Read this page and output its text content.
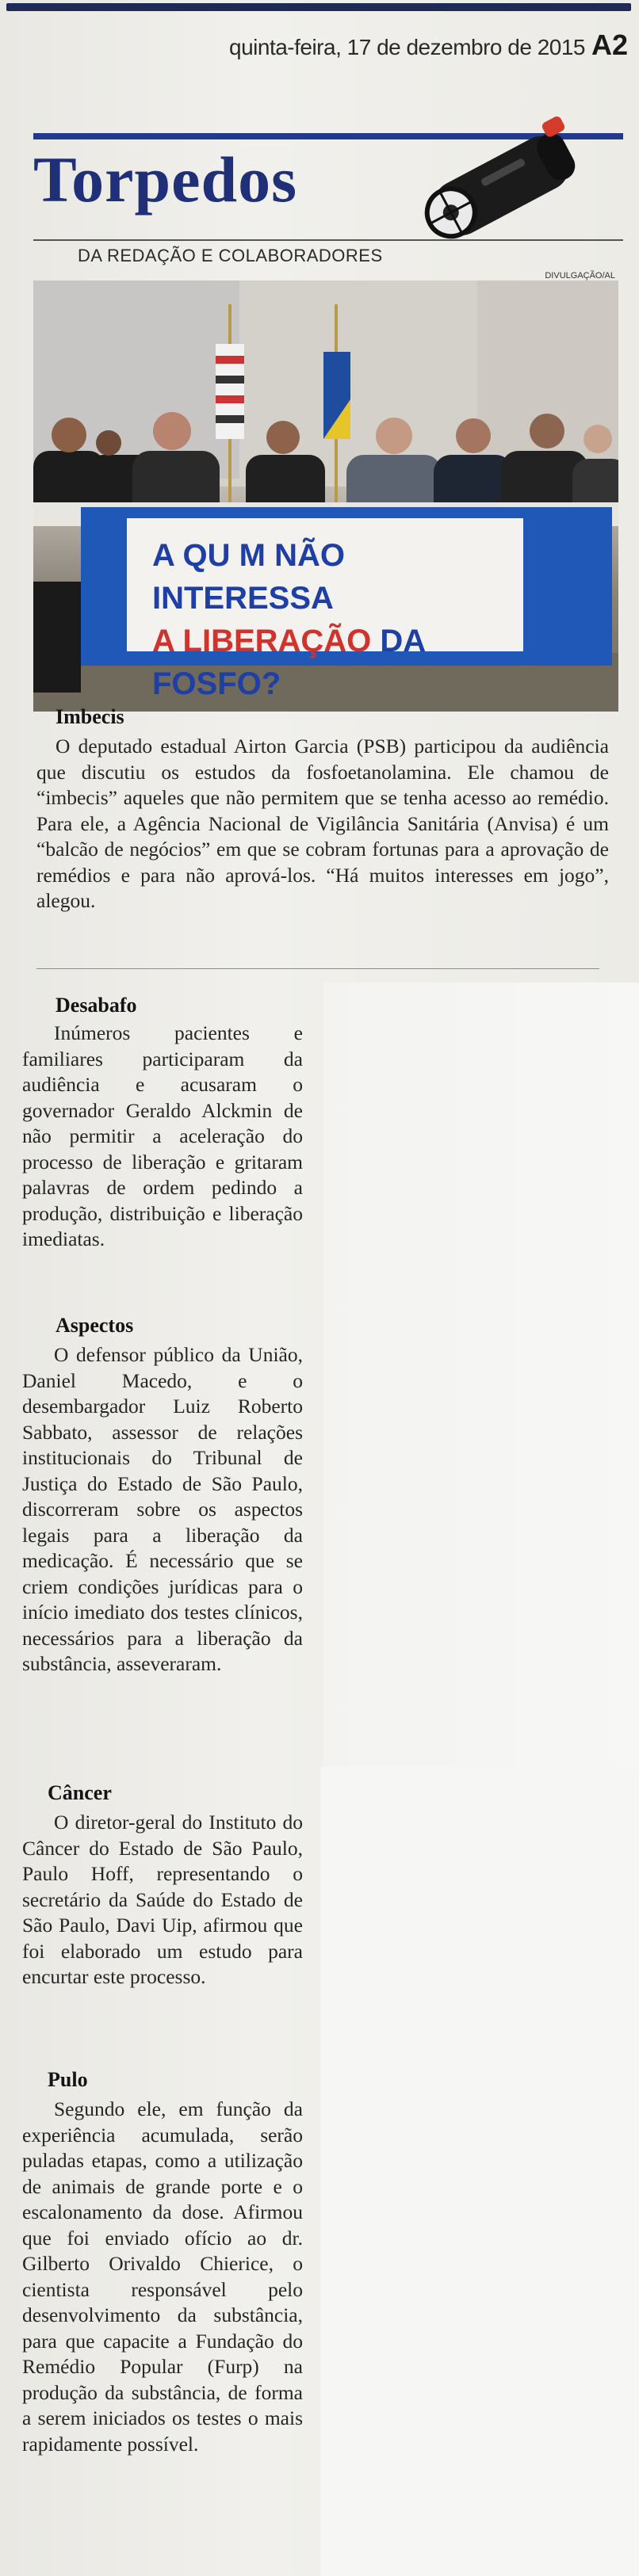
quinta-feira, 17 de dezembro de 2015 A2
Torpedos
DA REDAÇÃO E COLABORADORES
DIVULGAÇÃO/AL
A QU M NÃO INTERESSA
A LIBERAÇÃO DA FOSFO?
Imbecis
O deputado estadual Airton Garcia (PSB) participou da audiência que discutiu os estudos da fosfoetanolamina. Ele chamou de “imbecis” aqueles que não permitem que se tenha acesso ao remédio. Para ele, a Agência Nacional de Vigilância Sanitária (Anvisa) é um “balcão de negócios” em que se cobram fortunas para a aprovação de remédios e para não aprová-los. “Há muitos interesses em jogo”, alegou.
Desabafo
Inúmeros pacientes e familiares participaram da audiência e acusaram o governador Geraldo Alckmin de não permitir a aceleração do processo de liberação e gritaram palavras de ordem pedindo a produção, distribuição e liberação imediatas.
Aspectos
O defensor público da União, Daniel Macedo, e o desembargador Luiz Roberto Sabbato, assessor de relações institucionais do Tribunal de Justiça do Estado de São Paulo, discorreram sobre os aspectos legais para a liberação da medicação. É necessário que se criem condições jurídicas para o início imediato dos testes clínicos, necessários para a liberação da substância, asseveraram.
Câncer
O diretor-geral do Instituto do Câncer do Estado de São Paulo, Paulo Hoff, representando o secretário da Saúde do Estado de São Paulo, Davi Uip, afirmou que foi elaborado um estudo para encurtar este processo.
Pulo
Segundo ele, em função da experiência acumulada, serão puladas etapas, como a utilização de animais de grande porte e o escalonamento da dose. Afirmou que foi enviado ofício ao dr. Gilberto Orivaldo Chierice, o cientista responsável pelo desenvolvimento da substância, para que capacite a Fundação do Remédio Popular (Furp) na produção da substância, de forma a serem iniciados os testes o mais rapidamente possível.
